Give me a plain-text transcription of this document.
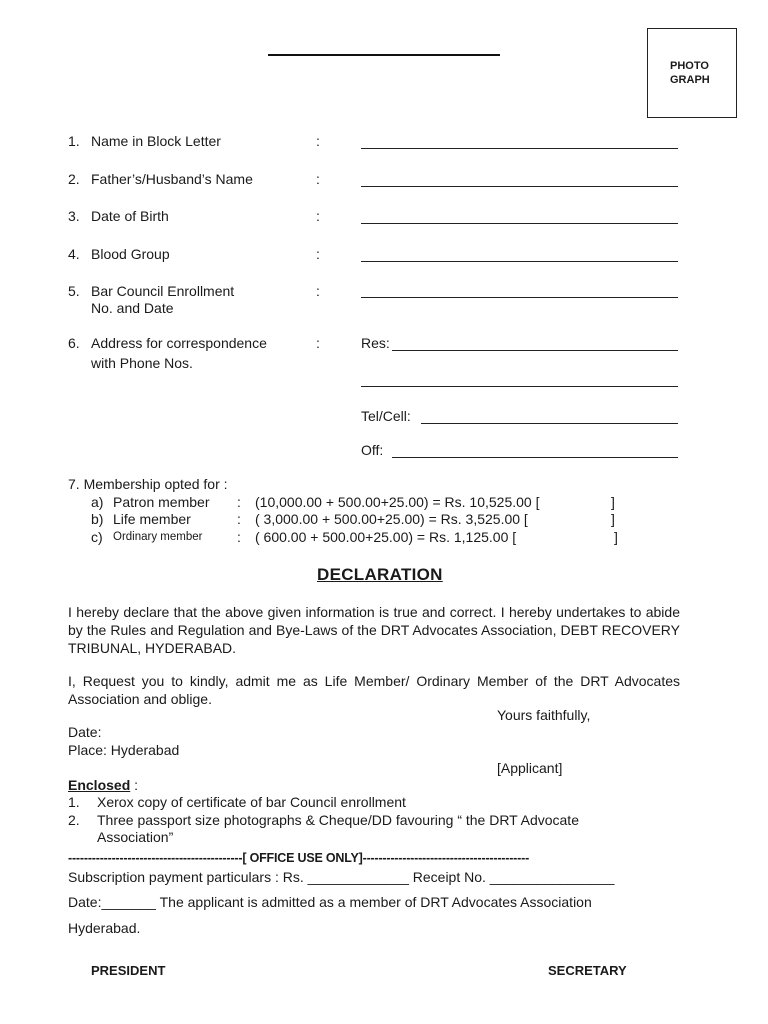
PHOTO
GRAPH
1. Name in Block Letter	:
2. Father’s/Husband’s Name	:
3. Date of Birth	:
4. Blood Group	:
5. Bar Council Enrollment
No. and Date
:
6. Address for correspondence
with Phone Nos.
:	Res:
Tel/Cell:
Off:
7. Membership opted for :
a) Patron member : (10,000.00 + 500.00+25.00) = Rs. 10,525.00 [	]
b) Life member	: ( 3,000.00 + 500.00+25.00) = Rs. 3,525.00 [	]
c) Ordinary member : ( 600.00 + 500.00+25.00) = Rs. 1,125.00 [	]
DECLARATION
I hereby declare that the above given information is true and correct. I hereby undertakes to abide by the Rules and Regulation and Bye-Laws of the DRT Advocates Association, DEBT RECOVERY TRIBUNAL, HYDERABAD.
I, Request you to kindly, admit me as Life Member/ Ordinary Member of the DRT Advocates Association and oblige.
Yours faithfully,
Date:
Place: Hyderabad
[Applicant]
Enclosed :
1. Xerox copy of certificate of bar Council enrollment
2. Three passport size photographs & Cheque/DD favouring “ the DRT Advocate
Association”
--------------------------------------------[ OFFICE USE ONLY]------------------------------------------
Subscription payment particulars : Rs. _____________ Receipt No. ________________
Date:_______ The applicant is admitted as a member of DRT Advocates Association
Hyderabad.
PRESIDENT	SECRETARY
